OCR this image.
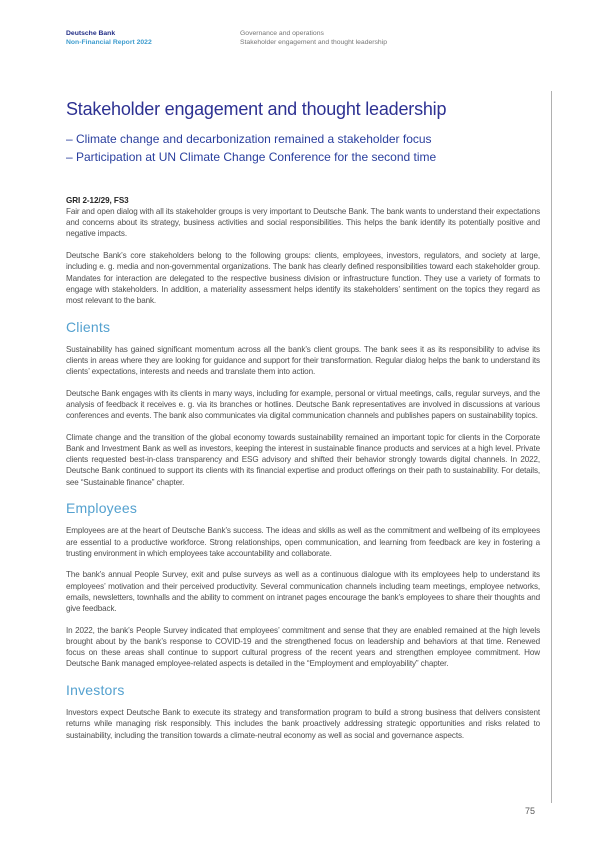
Deutsche Bank
Non-Financial Report 2022
Governance and operations
Stakeholder engagement and thought leadership
Stakeholder engagement and thought leadership
– Climate change and decarbonization remained a stakeholder focus
– Participation at UN Climate Change Conference for the second time
GRI 2-12/29, FS3

Fair and open dialog with all its stakeholder groups is very important to Deutsche Bank. The bank wants to understand their expectations and concerns about its strategy, business activities and social responsibilities. This helps the bank identify its potentially positive and negative impacts.

Deutsche Bank’s core stakeholders belong to the following groups: clients, employees, investors, regulators, and society at large, including e. g. media and non-governmental organizations. The bank has clearly defined responsibilities toward each stakeholder group. Mandates for interaction are delegated to the respective business division or infrastructure function. They use a variety of formats to engage with stakeholders. In addition, a materiality assessment helps identify its stakeholders’ sentiment on the topics they regard as most relevant to the bank.

Clients

Sustainability has gained significant momentum across all the bank’s client groups. The bank sees it as its responsibility to advise its clients in areas where they are looking for guidance and support for their transformation. Regular dialog helps the bank to understand its clients’ expectations, interests and needs and translate them into action.

Deutsche Bank engages with its clients in many ways, including for example, personal or virtual meetings, calls, regular surveys, and the analysis of feedback it receives e. g. via its branches or hotlines. Deutsche Bank representatives are involved in discussions at various conferences and events. The bank also communicates via digital communication channels and publishes papers on sustainability topics.

Climate change and the transition of the global economy towards sustainability remained an important topic for clients in the Corporate Bank and Investment Bank as well as investors, keeping the interest in sustainable finance products and services at a high level. Private clients requested best-in-class transparency and ESG advisory and shifted their behavior strongly towards digital channels. In 2022, Deutsche Bank continued to support its clients with its financial expertise and product offerings on their path to sustainability. For details, see “Sustainable finance” chapter.

Employees

Employees are at the heart of Deutsche Bank’s success. The ideas and skills as well as the commitment and wellbeing of its employees are essential to a productive workforce. Strong relationships, open communication, and learning from feedback are key in fostering a trusting environment in which employees take accountability and collaborate.

The bank’s annual People Survey, exit and pulse surveys as well as a continuous dialogue with its employees help to understand its employees’ motivation and their perceived productivity. Several communication channels including team meetings, employee networks, emails, newsletters, townhalls and the ability to comment on intranet pages encourage the bank’s employees to share their thoughts and give feedback.

In 2022, the bank’s People Survey indicated that employees’ commitment and sense that they are enabled remained at the high levels brought about by the bank’s response to COVID-19 and the strengthened focus on leadership and behaviors at that time. Renewed focus on these areas shall continue to support cultural progress of the recent years and strengthen employee commitment. How Deutsche Bank managed employee-related aspects is detailed in the “Employment and employability” chapter.

Investors

Investors expect Deutsche Bank to execute its strategy and transformation program to build a strong business that delivers consistent returns while managing risk responsibly. This includes the bank proactively addressing strategic opportunities and risks related to sustainability, including the transition towards a climate-neutral economy as well as social and governance aspects.

75
